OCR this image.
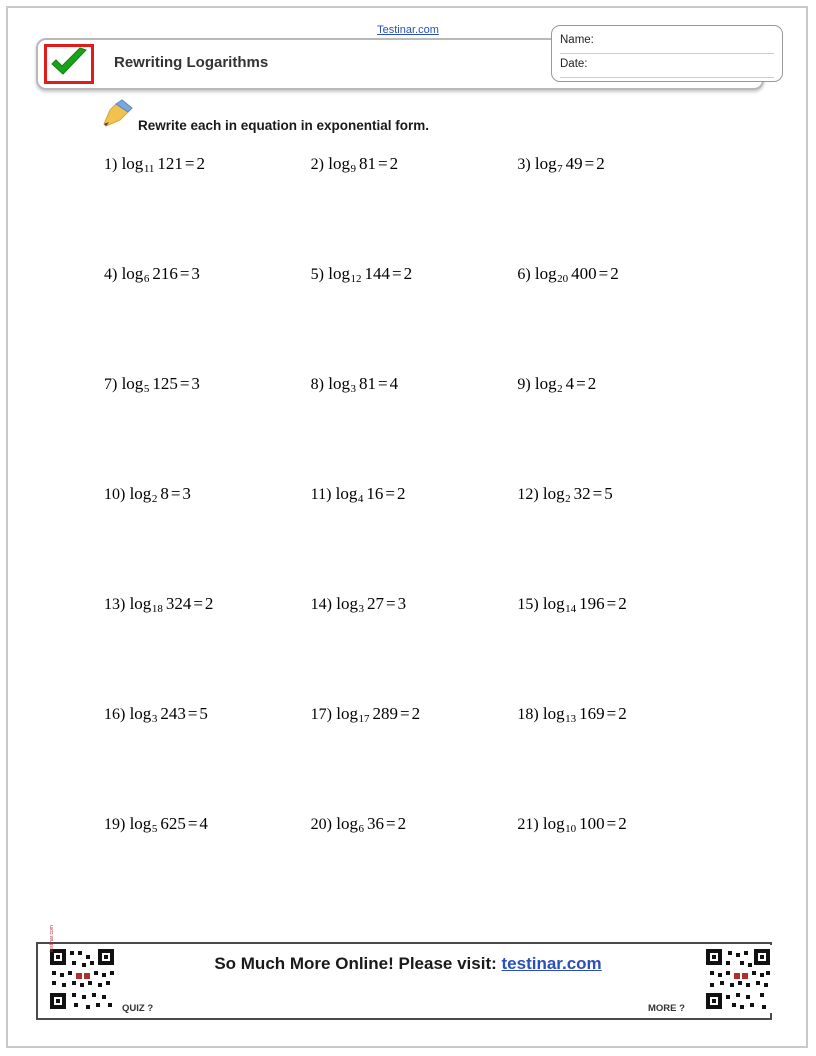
Testinar.com
Rewriting Logarithms
Name:
Date:
Rewrite each in equation in exponential form.
1) $\log_{11} 121 = 2$	2) $\log_9 81 = 2$	3) $\log_7 49 = 2$
4) $\log_6 216 = 3$	5) $\log_{12} 144 = 2$	6) $\log_{20} 400 = 2$
7) $\log_5 125 = 3$	8) $\log_3 81 = 4$	9) $\log_2 4 = 2$
10) $\log_2 8 = 3$	11) $\log_4 16 = 2$	12) $\log_2 32 = 5$
13) $\log_{18} 324 = 2$	14) $\log_3 27 = 3$	15) $\log_{14} 196 = 2$
16) $\log_3 243 = 5$	17) $\log_{17} 289 = 2$	18) $\log_{13} 169 = 2$
19) $\log_5 625 = 4$	20) $\log_6 36 = 2$	21) $\log_{10} 100 = 2$
testinar.com
So Much More Online! Please visit: testinar.com
QUIZ ?	MORE ?
